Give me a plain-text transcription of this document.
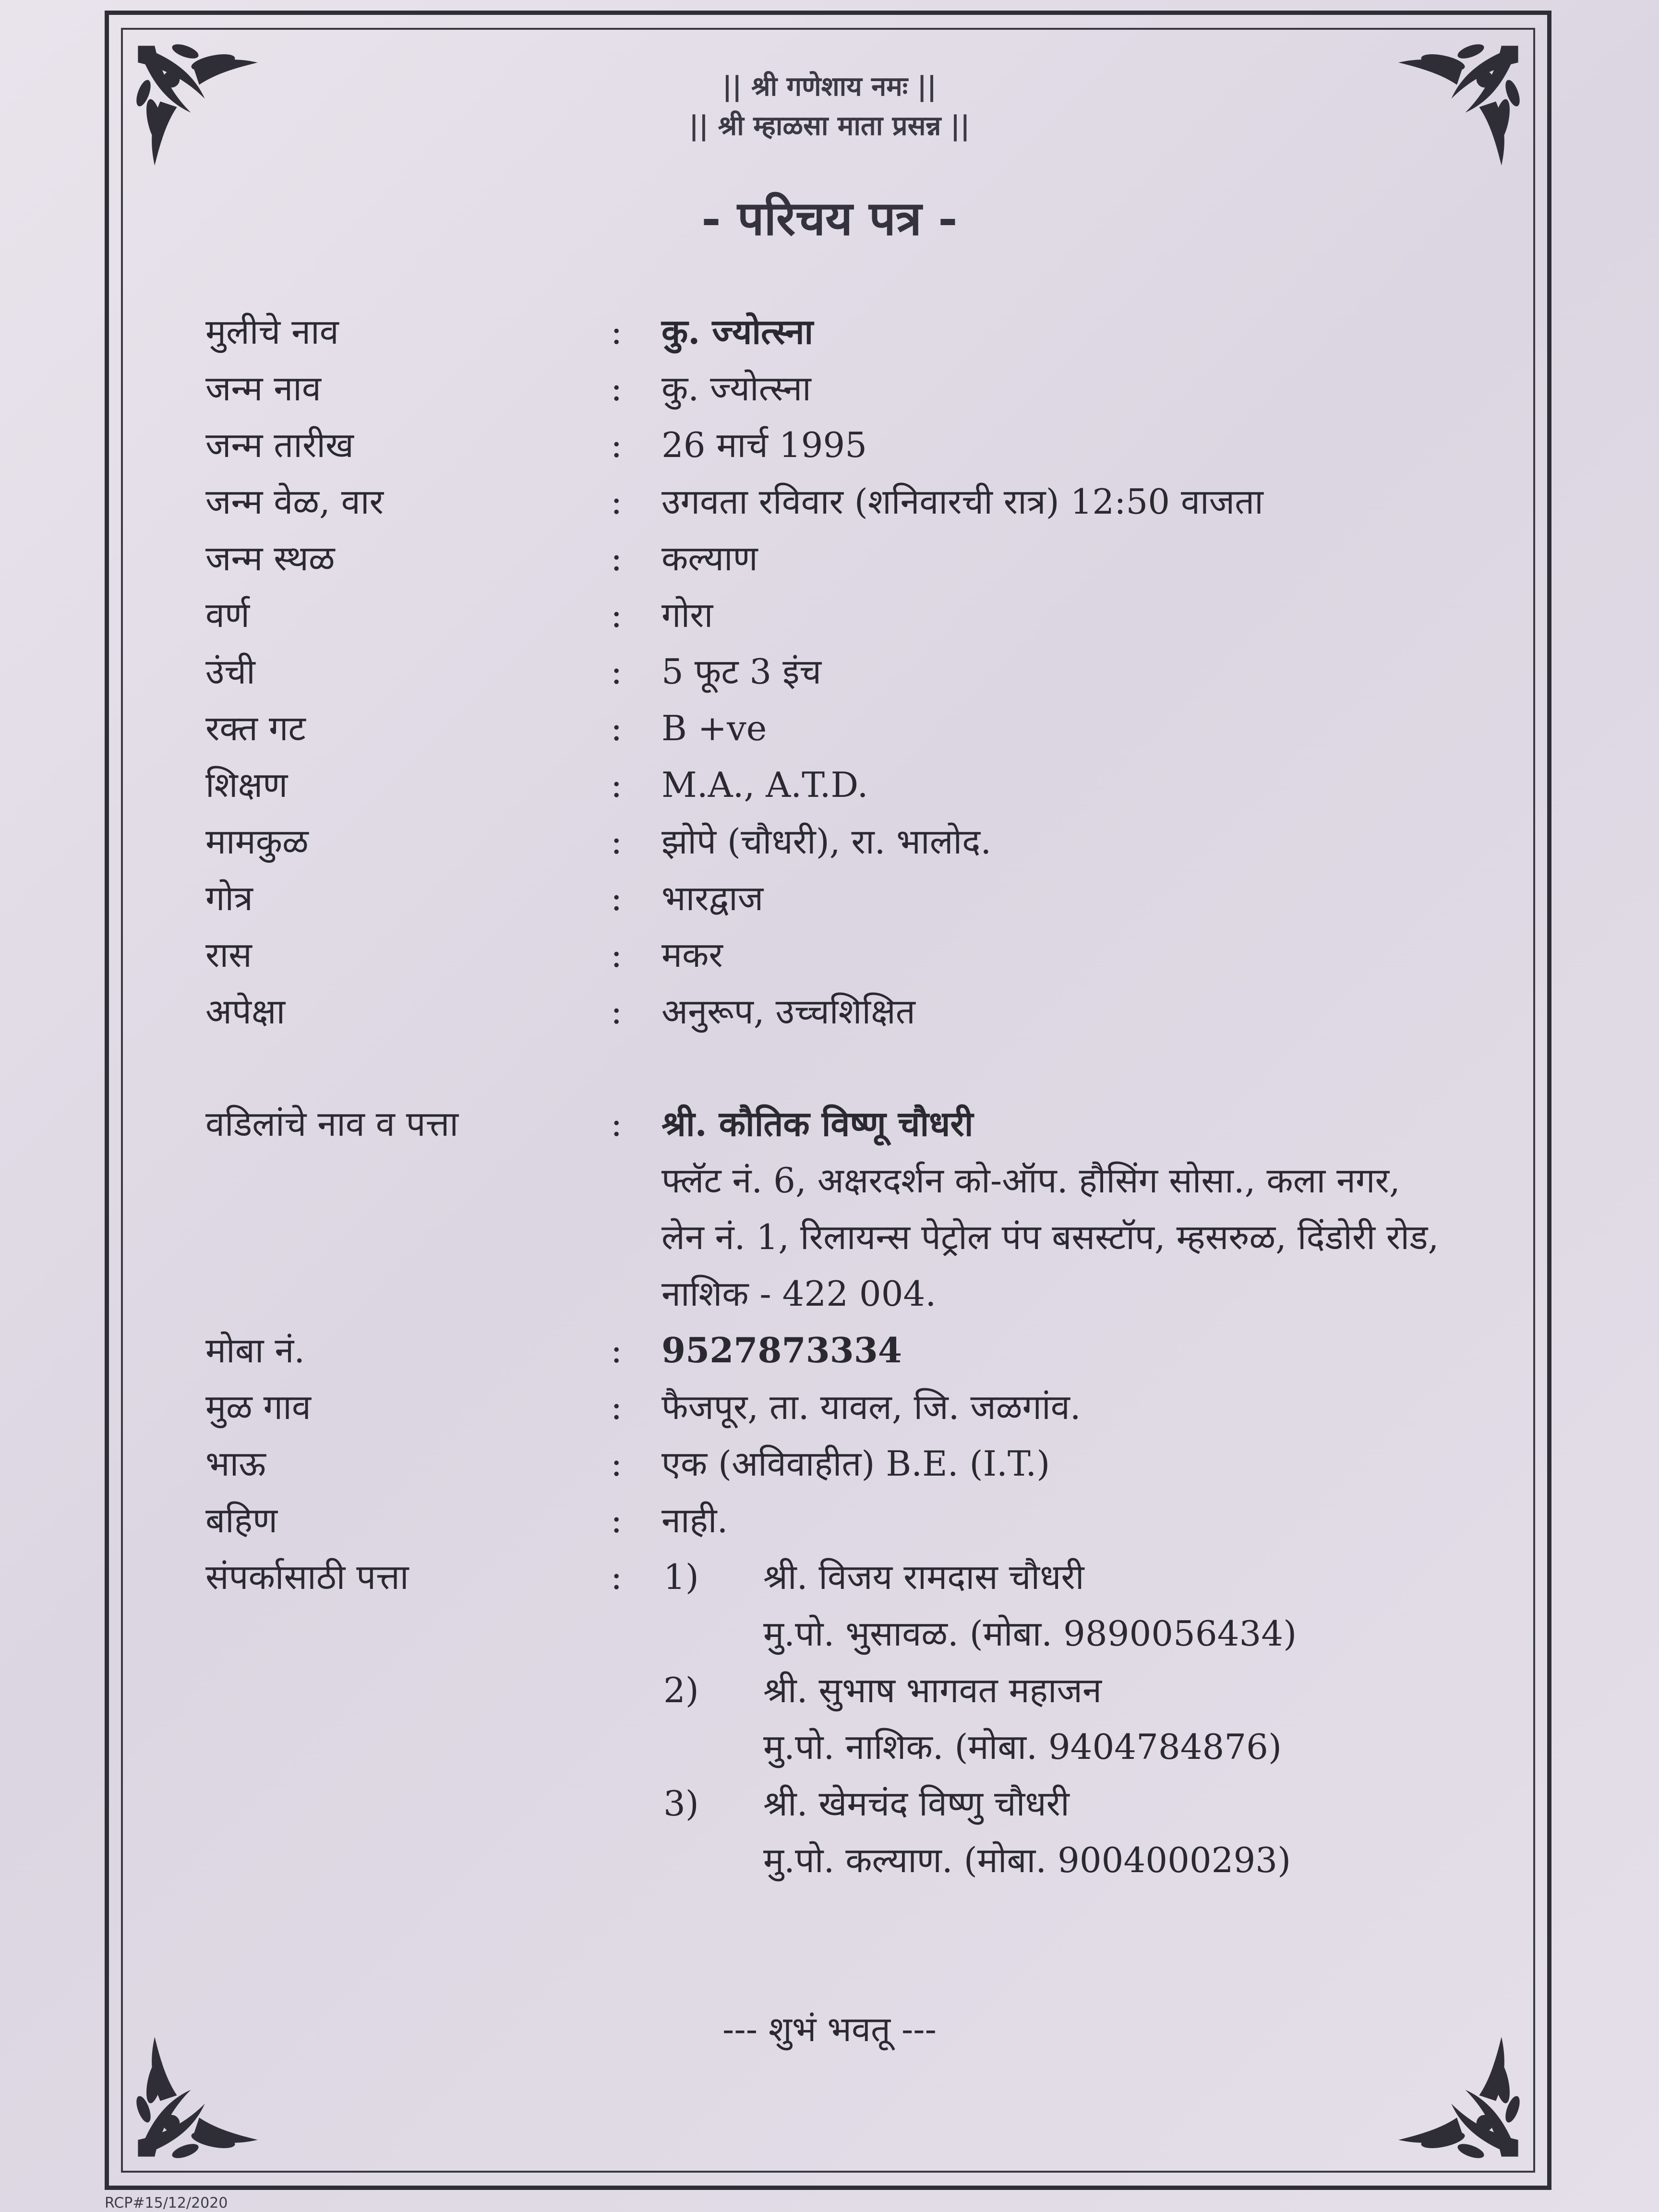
|| श्री गणेशाय नमः ||
|| श्री म्हाळसा माता प्रसन्न ||
- परिचय पत्र -
मुलीचे नाव	: कु. ज्योत्स्ना
जन्म नाव	: कु. ज्योत्स्ना
जन्म तारीख	: 26 मार्च 1995
जन्म वेळ, वार	: उगवता रविवार (शनिवारची रात्र) 12:50 वाजता
जन्म स्थळ	: कल्याण
वर्ण	: गोरा
उंची	: 5 फूट 3 इंच
रक्त गट	: B +ve
शिक्षण	: M.A., A.T.D.
मामकुळ	: झोपे (चौधरी), रा. भालोद.
गोत्र	: भारद्वाज
रास	: मकर
अपेक्षा	: अनुरूप, उच्चशिक्षित
वडिलांचे नाव व पत्ता	: श्री. कौतिक विष्णू चौधरी
फ्लॅट नं. 6, अक्षरदर्शन को-ऑप. हौसिंग सोसा., कला नगर,
लेन नं. 1, रिलायन्स पेट्रोल पंप बसस्टॉप, म्हसरुळ, दिंडोरी रोड,
नाशिक - 422 004.
मोबा नं.	: 9527873334
मुळ गाव	: फैजपूर, ता. यावल, जि. जळगांव.
भाऊ	: एक (अविवाहीत) B.E. (I.T.)
बहिण	: नाही.
संपर्कासाठी पत्ता	: 1) श्री. विजय रामदास चौधरी
मु.पो. भुसावळ. (मोबा. 9890056434)
2) श्री. सुभाष भागवत महाजन
मु.पो. नाशिक. (मोबा. 9404784876)
3) श्री. खेमचंद विष्णु चौधरी
मु.पो. कल्याण. (मोबा. 9004000293)
--- शुभं भवतू ---
RCP#15/12/2020
